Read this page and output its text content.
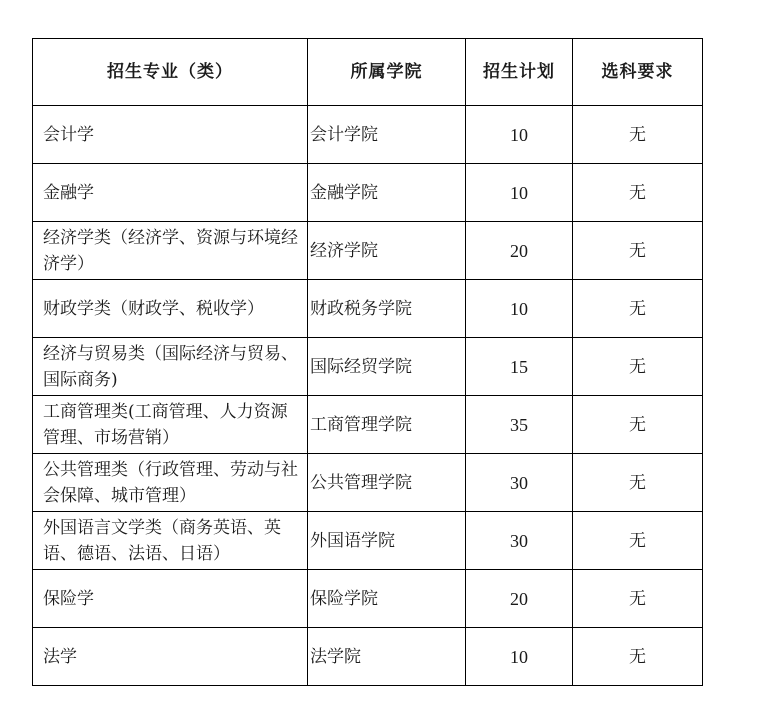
招生专业（类）	所属学院	招生计划	选科要求
会计学	会计学院	10	无
金融学	金融学院	10	无
经济学类（经济学、资源与环境经济学）	经济学院	20	无
财政学类（财政学、税收学）	财政税务学院	10	无
经济与贸易类（国际经济与贸易、国际商务)	国际经贸学院	15	无
工商管理类(工商管理、人力资源管理、市场营销）	工商管理学院	35	无
公共管理类（行政管理、劳动与社会保障、城市管理）	公共管理学院	30	无
外国语言文学类（商务英语、英语、德语、法语、日语）	外国语学院	30	无
保险学	保险学院	20	无
法学	法学院	10	无
